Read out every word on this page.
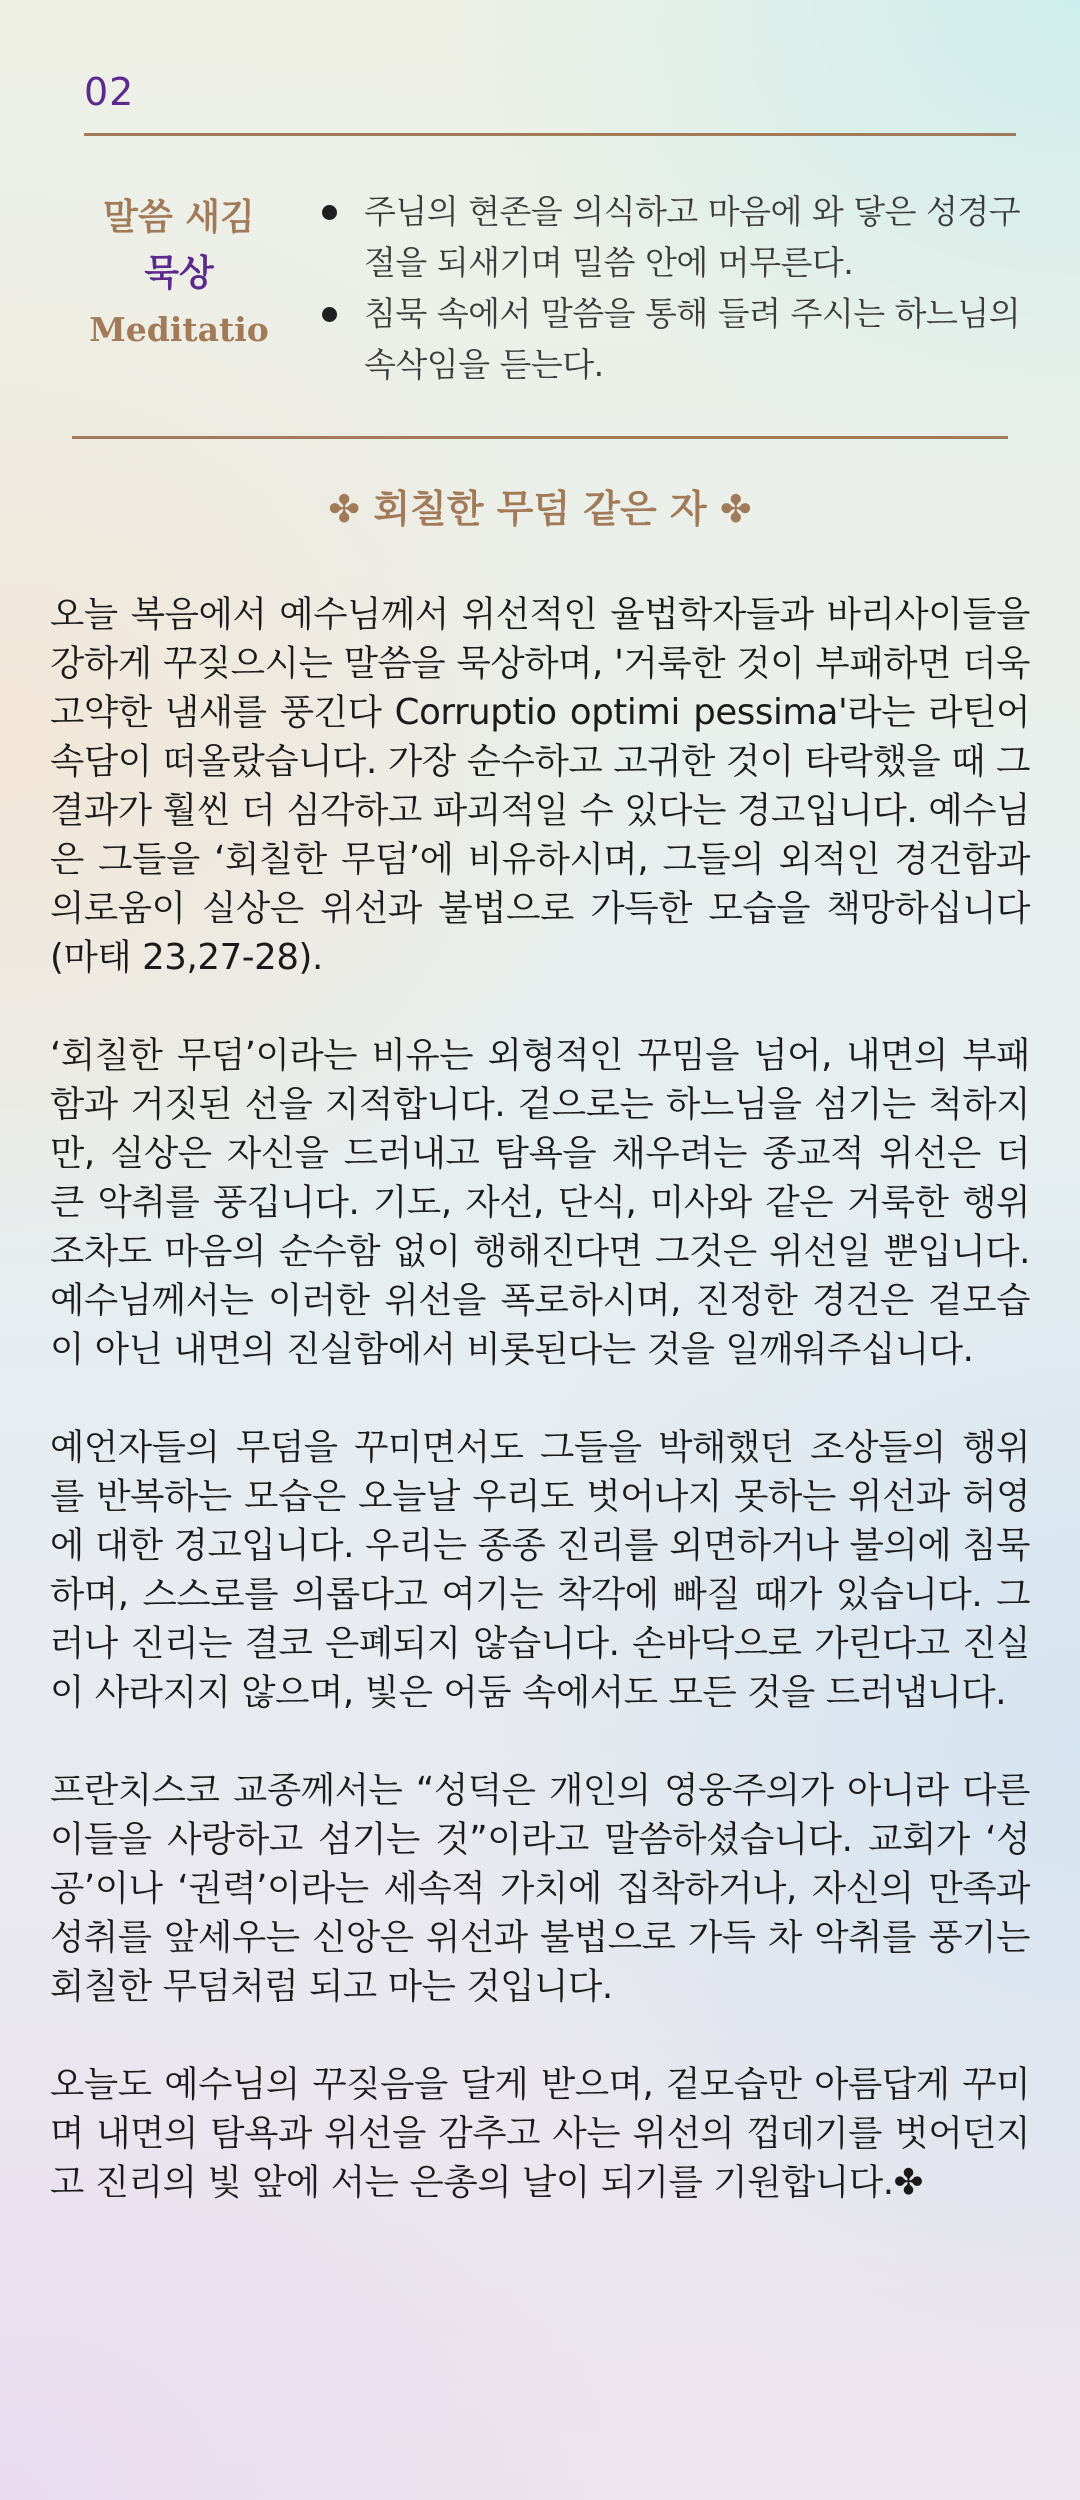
02
말씀 새김
묵상
Meditatio
주님의 현존을 의식하고 마음에 와 닿은 성경구절을 되새기며 밀씀 안에 머무른다.
침묵 속에서 말씀을 통해 들려 주시는 하느님의 속삭임을 듣는다.
✤ 회칠한 무덤 같은 자 ✤

오늘 복음에서 예수님께서 위선적인 율법학자들과 바리사이들을 강하게 꾸짖으시는 말씀을 묵상하며, '거룩한 것이 부패하면 더욱 고약한 냄새를 풍긴다 Corruptio optimi pessima'라는 라틴어 속담이 떠올랐습니다. 가장 순수하고 고귀한 것이 타락했을 때 그 결과가 훨씬 더 심각하고 파괴적일 수 있다는 경고입니다. 예수님은 그들을 ‘회칠한 무덤’에 비유하시며, 그들의 외적인 경건함과 의로움이 실상은 위선과 불법으로 가득한 모습을 책망하십니다(마태 23,27-28).

‘회칠한 무덤’이라는 비유는 외형적인 꾸밈을 넘어, 내면의 부패함과 거짓된 선을 지적합니다. 겉으로는 하느님을 섬기는 척하지만, 실상은 자신을 드러내고 탐욕을 채우려는 종교적 위선은 더 큰 악취를 풍깁니다. 기도, 자선, 단식, 미사와 같은 거룩한 행위조차도 마음의 순수함 없이 행해진다면 그것은 위선일 뿐입니다. 예수님께서는 이러한 위선을 폭로하시며, 진정한 경건은 겉모습이 아닌 내면의 진실함에서 비롯된다는 것을 일깨워주십니다.

예언자들의 무덤을 꾸미면서도 그들을 박해했던 조상들의 행위를 반복하는 모습은 오늘날 우리도 벗어나지 못하는 위선과 허영에 대한 경고입니다. 우리는 종종 진리를 외면하거나 불의에 침묵하며, 스스로를 의롭다고 여기는 착각에 빠질 때가 있습니다. 그러나 진리는 결코 은폐되지 않습니다. 손바닥으로 가린다고 진실이 사라지지 않으며, 빛은 어둠 속에서도 모든 것을 드러냅니다.

프란치스코 교종께서는 “성덕은 개인의 영웅주의가 아니라 다른 이들을 사랑하고 섬기는 것”이라고 말씀하셨습니다. 교회가 ‘성공’이나 ‘권력’이라는 세속적 가치에 집착하거나, 자신의 만족과 성취를 앞세우는 신앙은 위선과 불법으로 가득 차 악취를 풍기는 회칠한 무덤처럼 되고 마는 것입니다.

오늘도 예수님의 꾸짖음을 달게 받으며, 겉모습만 아름답게 꾸미며 내면의 탐욕과 위선을 감추고 사는 위선의 껍데기를 벗어던지고 진리의 빛 앞에 서는 은총의 날이 되기를 기원합니다.✤
